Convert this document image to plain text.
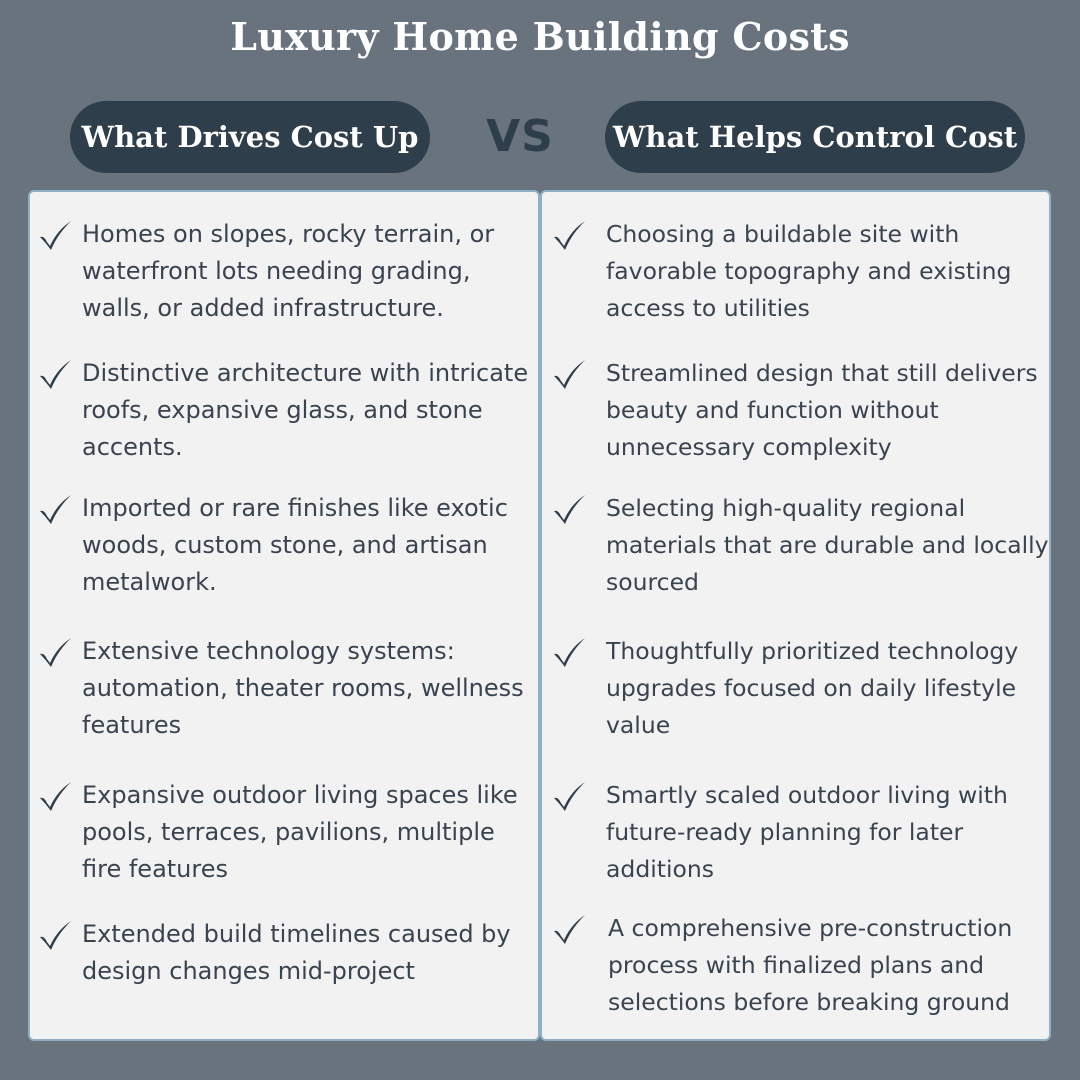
Luxury Home Building Costs
What Drives Cost Up	VS	What Helps Control Cost

Homes on slopes, rocky terrain, or waterfront lots needing grading, walls, or added infrastructure.

Distinctive architecture with intricate roofs, expansive glass, and stone accents.

Imported or rare finishes like exotic woods, custom stone, and artisan metalwork.

Extensive technology systems: automation, theater rooms, wellness features

Expansive outdoor living spaces like pools, terraces, pavilions, multiple fire features

Extended build timelines caused by design changes mid-project

Choosing a buildable site with favorable topography and existing access to utilities

Streamlined design that still delivers beauty and function without unnecessary complexity

Selecting high-quality regional materials that are durable and locally sourced

Thoughtfully prioritized technology upgrades focused on daily lifestyle value

Smartly scaled outdoor living with future-ready planning for later additions

A comprehensive pre-construction process with finalized plans and selections before breaking ground
